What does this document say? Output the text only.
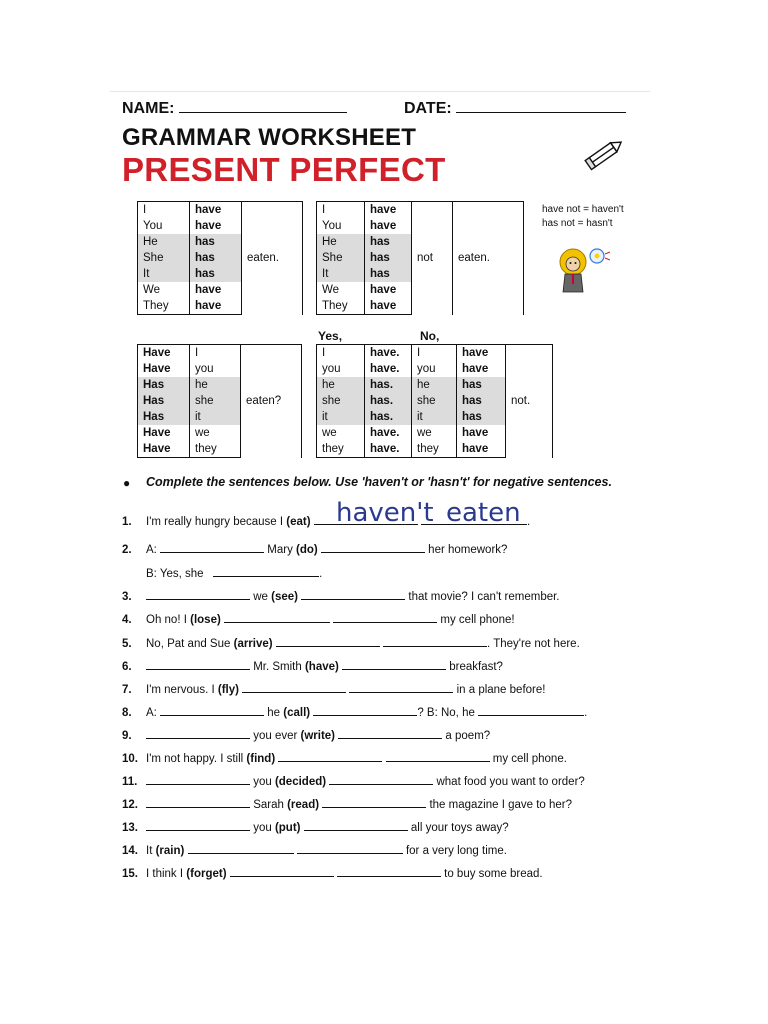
NAME:	DATE:
GRAMMAR WORKSHEET
PRESENT PERFECT
I	have	eaten.
You	have	
He	has	
She	has	
It	has	
We	have	
They	have	
I	have	not	eaten.
You	have		
He	has		
She	has		
It	has		
We	have		
They	have		
have not = haven't
has not = hasn't
Yes,	No,
Have	I	eaten?
Have	you	
Has	he	
Has	she	
Has	it	
Have	we	
Have	they	
I	have.	I	have	not.
you	have.	you	have	
he	has.	he	has	
she	has.	she	has	
it	has.	it	has	
we	have.	we	have	
they	have.	they	have	
● Complete the sentences below. Use 'haven't or 'hasn't' for negative sentences.
1. I'm really hungry because I (eat)	.
haven't eaten
2. A:	Mary (do)	her homework?
B: Yes, she	.
3.	we (see)	that movie? I can't remember.
4. Oh no! I (lose)	my cell phone!
5. No, Pat and Sue (arrive)	. They're not here.
6.	Mr. Smith (have)	breakfast?
7. I'm nervous. I (fly)	in a plane before!
8. A:	he (call)	? B: No, he	.
9.	you ever (write)	a poem?
10. I'm not happy. I still (find)	my cell phone.
11.	you (decided)	what food you want to order?
12.	Sarah (read)	the magazine I gave to her?
13.	you (put)	all your toys away?
14. It (rain)	for a very long time.
15. I think I (forget)	to buy some bread.
